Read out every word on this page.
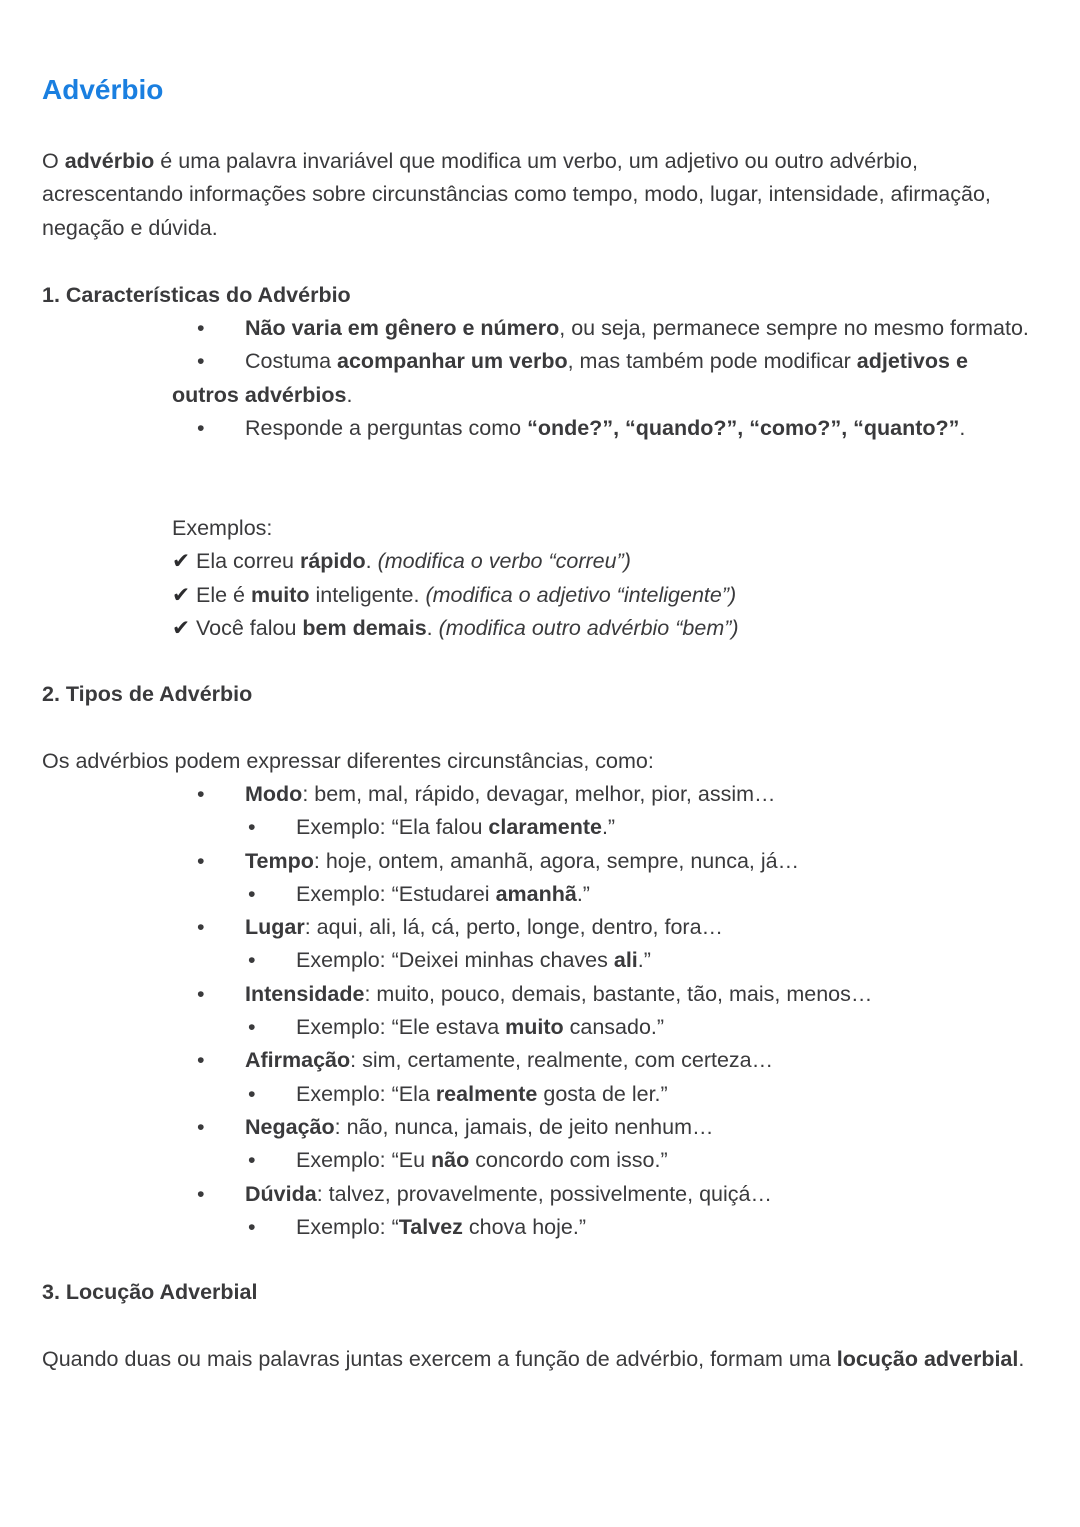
Advérbio

O advérbio é uma palavra invariável que modifica um verbo, um adjetivo ou outro advérbio, acrescentando informações sobre circunstâncias como tempo, modo, lugar, intensidade, afirmação, negação e dúvida.

1. Características do Advérbio

• Não varia em gênero e número, ou seja, permanece sempre no mesmo formato.
• Costuma acompanhar um verbo, mas também pode modificar adjetivos e outros advérbios.
• Responde a perguntas como “onde?”, “quando?”, “como?”, “quanto?”.

Exemplos:

✔ Ela correu rápido. (modifica o verbo “correu”)

✔ Ele é muito inteligente. (modifica o adjetivo “inteligente”)

✔ Você falou bem demais. (modifica outro advérbio “bem”)

2. Tipos de Advérbio

Os advérbios podem expressar diferentes circunstâncias, como:

• Modo: bem, mal, rápido, devagar, melhor, pior, assim…
• Exemplo: “Ela falou claramente.”
• Tempo: hoje, ontem, amanhã, agora, sempre, nunca, já…
• Exemplo: “Estudarei amanhã.”
• Lugar: aqui, ali, lá, cá, perto, longe, dentro, fora…
• Exemplo: “Deixei minhas chaves ali.”
• Intensidade: muito, pouco, demais, bastante, tão, mais, menos…
• Exemplo: “Ele estava muito cansado.”
• Afirmação: sim, certamente, realmente, com certeza…
• Exemplo: “Ela realmente gosta de ler.”
• Negação: não, nunca, jamais, de jeito nenhum…
• Exemplo: “Eu não concordo com isso.”
• Dúvida: talvez, provavelmente, possivelmente, quiçá…
• Exemplo: “Talvez chova hoje.”

3. Locução Adverbial

Quando duas ou mais palavras juntas exercem a função de advérbio, formam uma locução adverbial.
